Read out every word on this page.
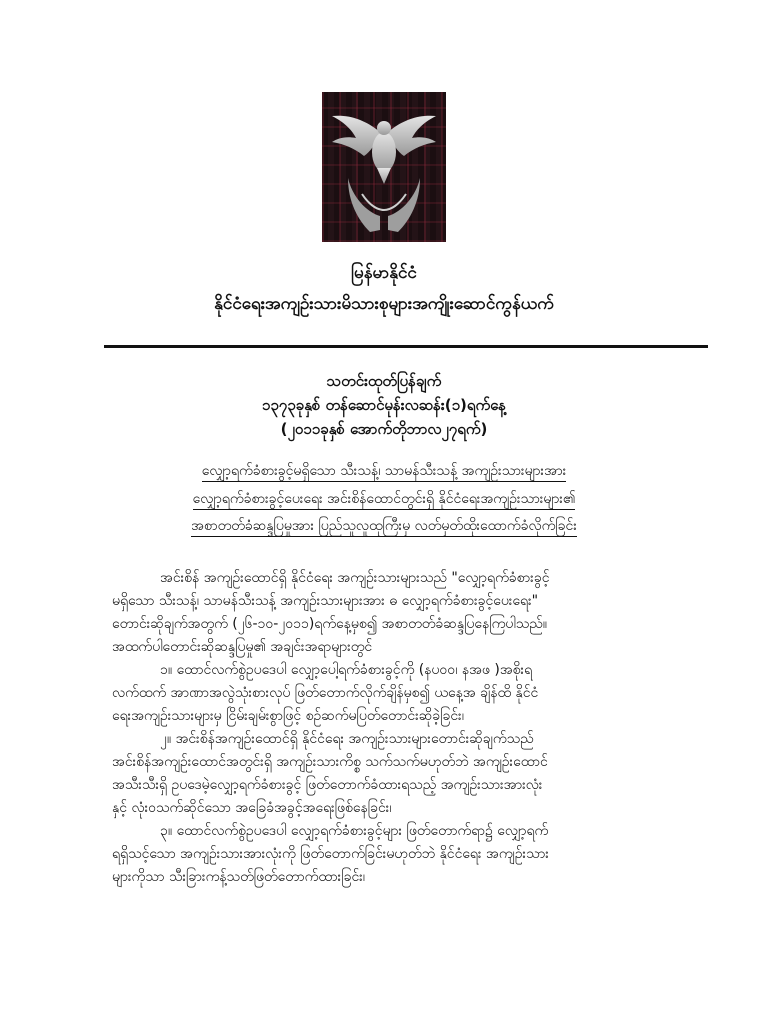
မြန်မာနိုင်ငံ
နိုင်ငံရေးအကျဉ်းသားမိသားစုများအကျိုးဆောင်ကွန်ယက်
သတင်းထုတ်ပြန်ချက်
၁၃၇၃ခုနှစ် တန်ဆောင်မုန်းလဆန်း(၁)ရက်နေ့
(၂၀၁၁ခုနှစ် အောက်တိုဘာလ၂၇ရက်)
လျှော့ရက်ခံစားခွင့်မရှိသော သီးသန့်၊ သာမန်သီးသန့် အကျဉ်းသားများအား
လျှော့ရက်ခံစားခွင့်ပေးရေး အင်းစိန်ထောင်တွင်းရှိ နိုင်ငံရေးအကျဉ်းသားများ၏
အစာတတ်ခံဆန္ဒပြမှုအား ပြည်သူလူထုကြီးမှ လတ်မှတ်ထိုးထောက်ခံလိုက်ခြင်း
အင်းစိန် အကျဉ်းထောင်ရှိ နိုင်ငံရေး အကျဉ်းသားများသည် "လျှော့ရက်ခံစားခွင့်
မရှိသော သီးသန့်၊ သာမန်သီးသန့် အကျဉ်းသားများအား ဓ လျှော့ရက်ခံစားခွင့်ပေးရေး"
တောင်းဆိုချက်အတွက် (၂၆-၁၀-၂၀၁၁)ရက်နေ့မှစ၍ အစာတတ်ခံဆန္ဒပြနေကြပါသည်။
အထက်ပါတောင်းဆိုဆန္ဒပြမှု၏ အချင်းအရာများတွင်
၁။ ထောင်လက်စွဲဥပဒေပါ လျှော့ပေါ့ရက်ခံစားခွင့်ကို (နပ၀၀၊ နအဖ )အစိုးရ
လက်ထက် အာဏာအလွဲသုံးစားလုပ် ဖြတ်တောက်လိုက်ချိန်မှစ၍ ယနေ့အ ချိန်ထိ နိုင်ငံ
ရေးအကျဉ်းသားများမှ ငြိမ်းချမ်းစွာဖြင့် စဉ်ဆက်မပြတ်တောင်းဆိုခဲ့ခြင်း၊
၂။ အင်းစိန်အကျဉ်းထောင်ရှိ နိုင်ငံရေး အကျဉ်းသားများတောင်းဆိုချက်သည်
အင်းစိန်အကျဉ်းထောင်အတွင်းရှိ အကျဉ်းသားကိစ္စ သက်သက်မဟုတ်ဘဲ အကျဉ်းထောင်
အသီးသီးရှိ ဥပဒေမဲ့လျှော့ရက်ခံစားခွင့် ဖြတ်တောက်ခံထားရသည့် အကျဉ်းသားအားလုံး
နှင့် လုံးဝသက်ဆိုင်သော အခြေခံအခွင့်အရေးဖြစ်နေခြင်း၊
၃။ ထောင်လက်စွဲဥပဒေပါ လျှော့ရက်ခံစားခွင့်များ ဖြတ်တောက်ရာ၌ လျှော့ရက်
ရရှိသင့်သော အကျဉ်းသားအားလုံးကို ဖြတ်တောက်ခြင်းမဟုတ်ဘဲ နိုင်ငံရေး အကျဉ်းသား
များကိုသာ သီးခြားကန့်သတ်ဖြတ်တောက်ထားခြင်း၊
